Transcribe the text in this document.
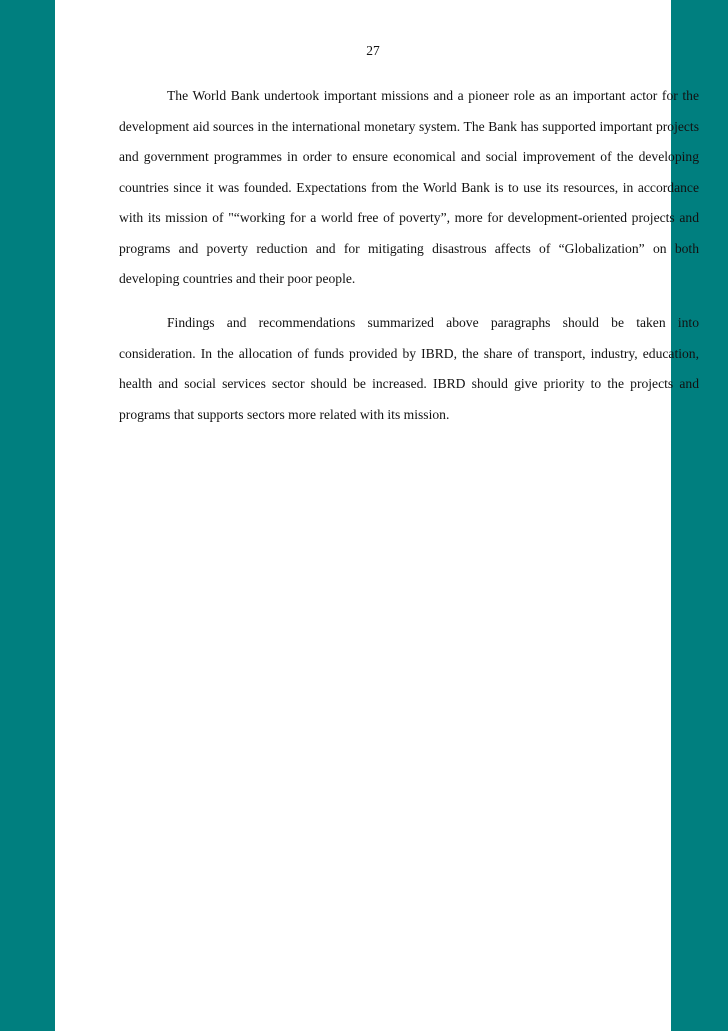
27

The World Bank undertook important missions and a pioneer role as an important actor for the development aid sources in the international monetary system. The Bank has supported important projects and government programmes in order to ensure economical and social improvement of the developing countries since it was founded. Expectations from the World Bank is to use its resources, in accordance with its mission of "“working for a world free of poverty”, more for development-oriented projects and programs and poverty reduction and for mitigating disastrous affects of “Globalization” on both developing countries and their poor people.

Findings and recommendations summarized above paragraphs should be taken into consideration. In the allocation of funds provided by IBRD, the share of transport, industry, education, health and social services sector should be increased. IBRD should give priority to the projects and programs that supports sectors more related with its mission.
